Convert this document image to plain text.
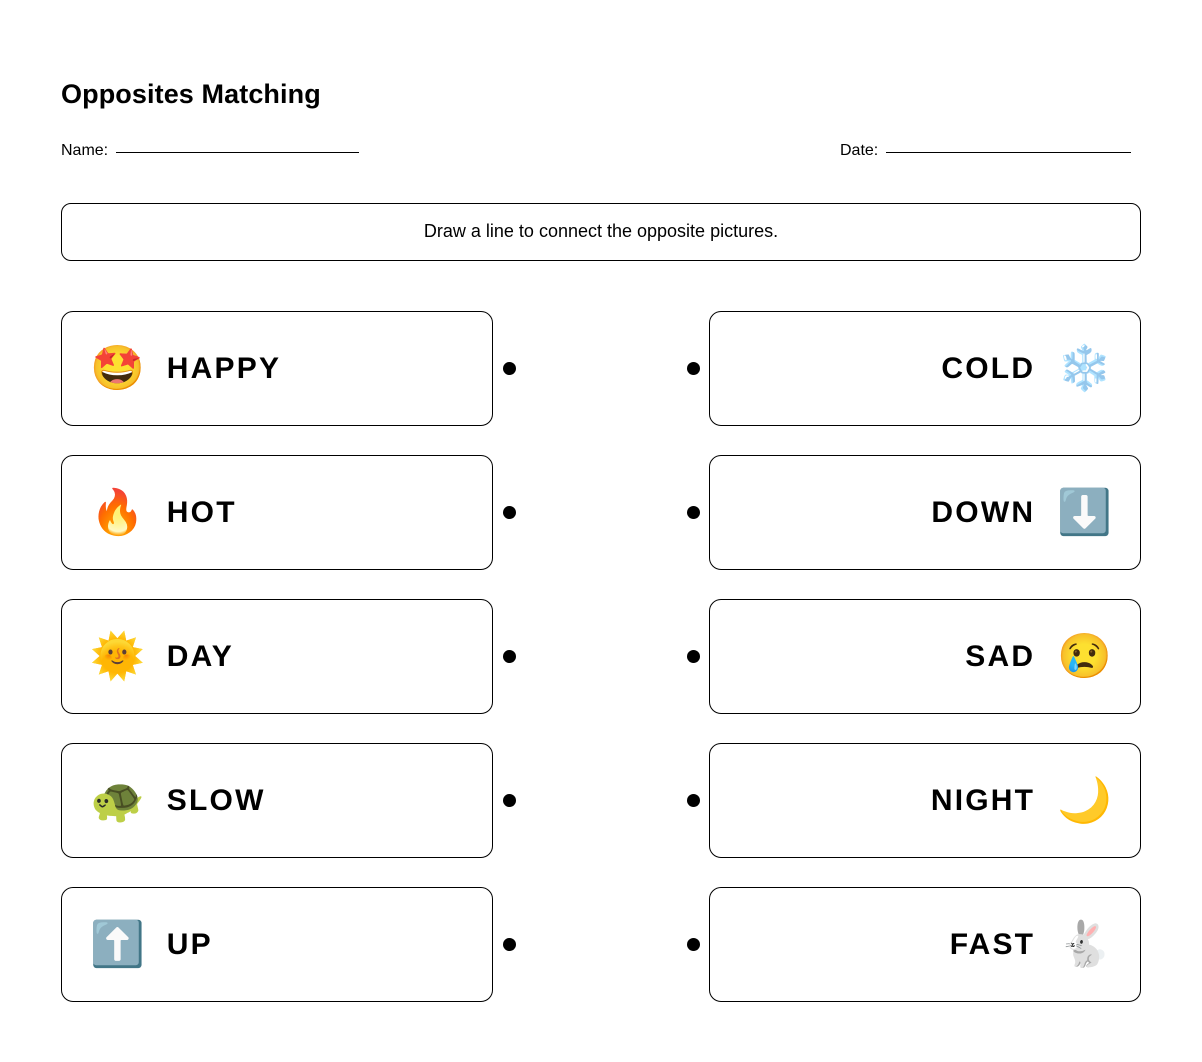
Opposites Matching
Name:	Date:
Draw a line to connect the opposite pictures.
🤩 HAPPY	COLD ❄️
🔥 HOT	DOWN ⬇️
🌞 DAY	SAD 😢
🐢 SLOW	NIGHT 🌙
⬆️ UP	FAST 🐇
